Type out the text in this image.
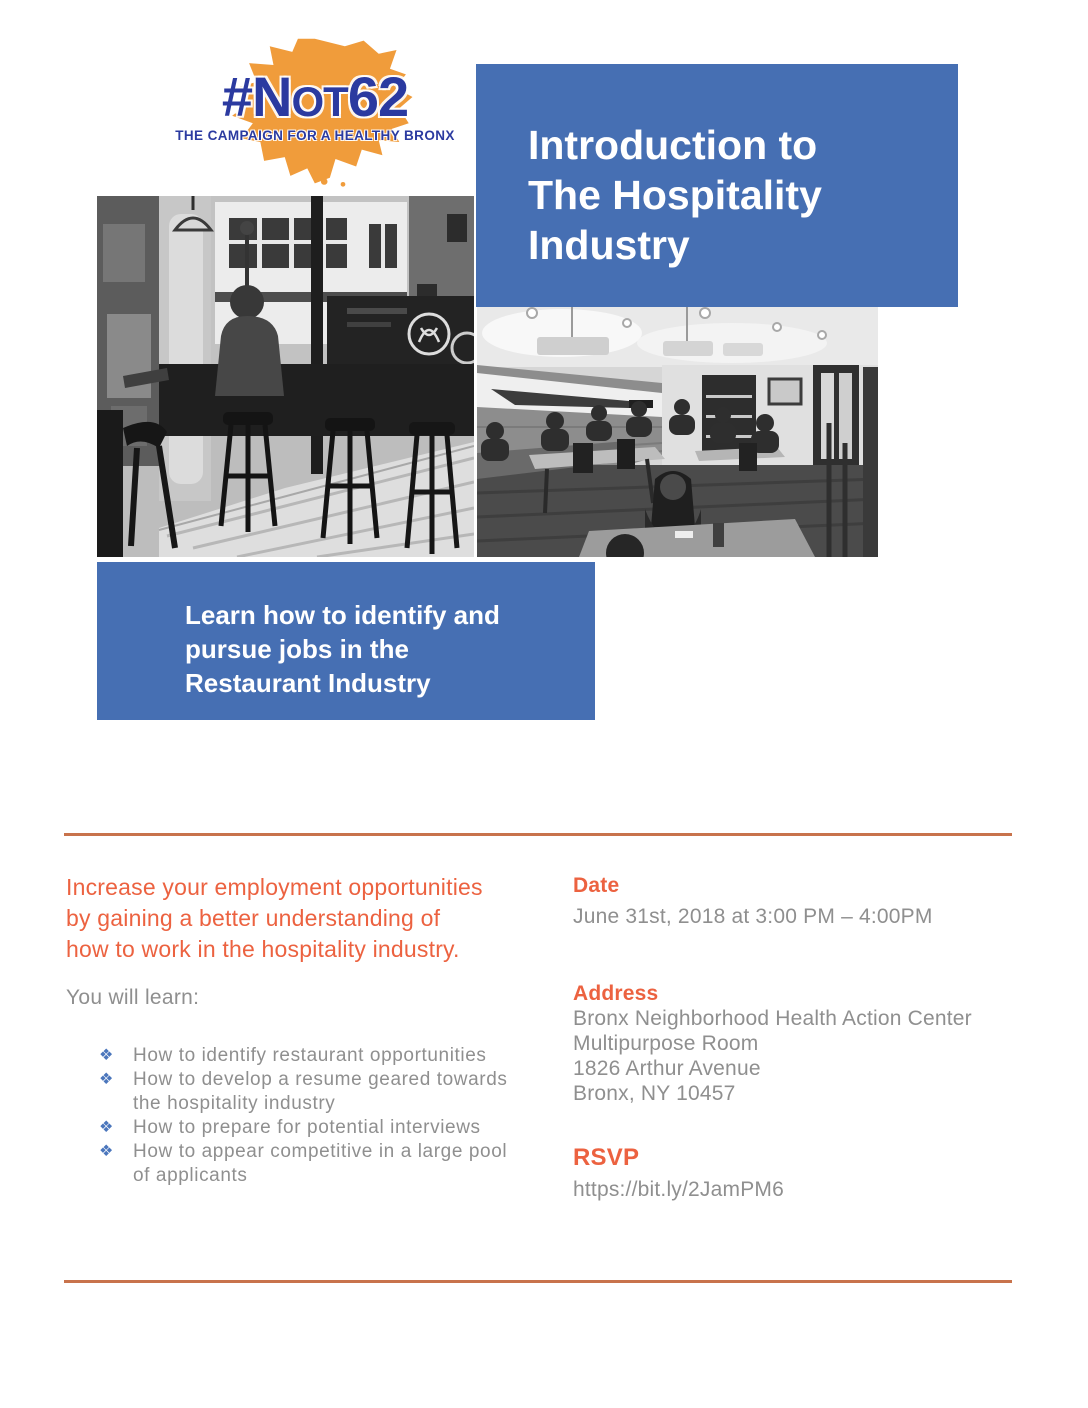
#NOT62
THE CAMPAIGN FOR A HEALTHY BRONX Introduction to
The Hospitality
Industry
Learn how to identify and
pursue jobs in the
Restaurant Industry
Increase your employment opportunities
by gaining a better understanding of
how to work in the hospitality industry.
You will learn:
❖ How to identify restaurant opportunities
❖ How to develop a resume geared towards the hospitality industry
❖ How to prepare for potential interviews
❖ How to appear competitive in a large pool of applicants
Date
June 31st, 2018 at 3:00 PM – 4:00PM
Address
Bronx Neighborhood Health Action Center
Multipurpose Room
1826 Arthur Avenue
Bronx, NY 10457
RSVP
https://bit.ly/2JamPM6
